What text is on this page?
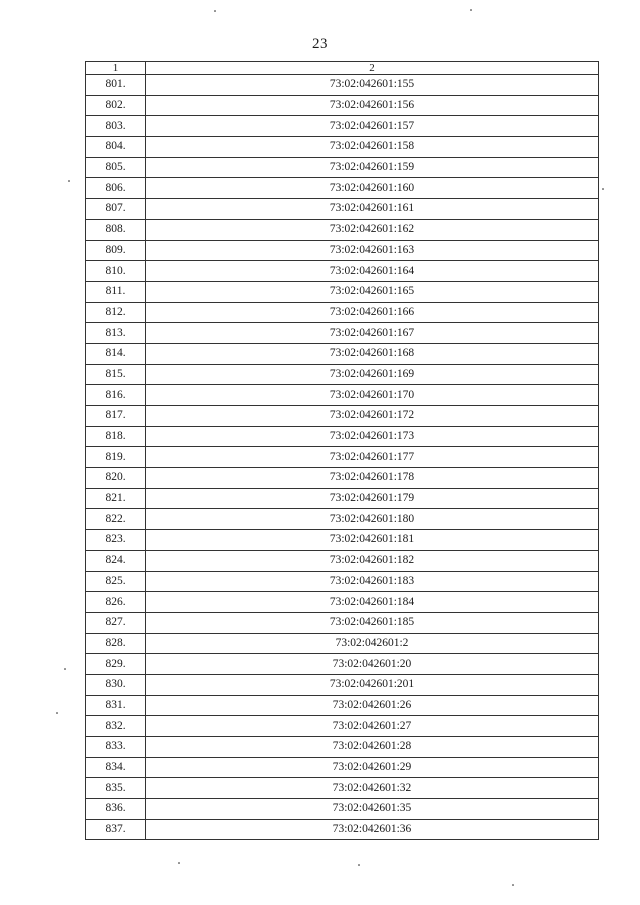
23
1	2
801.	73:02:042601:155
802.	73:02:042601:156
803.	73:02:042601:157
804.	73:02:042601:158
805.	73:02:042601:159
806.	73:02:042601:160
807.	73:02:042601:161
808.	73:02:042601:162
809.	73:02:042601:163
810.	73:02:042601:164
811.	73:02:042601:165
812.	73:02:042601:166
813.	73:02:042601:167
814.	73:02:042601:168
815.	73:02:042601:169
816.	73:02:042601:170
817.	73:02:042601:172
818.	73:02:042601:173
819.	73:02:042601:177
820.	73:02:042601:178
821.	73:02:042601:179
822.	73:02:042601:180
823.	73:02:042601:181
824.	73:02:042601:182
825.	73:02:042601:183
826.	73:02:042601:184
827.	73:02:042601:185
828.	73:02:042601:2
829.	73:02:042601:20
830.	73:02:042601:201
831.	73:02:042601:26
832.	73:02:042601:27
833.	73:02:042601:28
834.	73:02:042601:29
835.	73:02:042601:32
836.	73:02:042601:35
837.	73:02:042601:36
